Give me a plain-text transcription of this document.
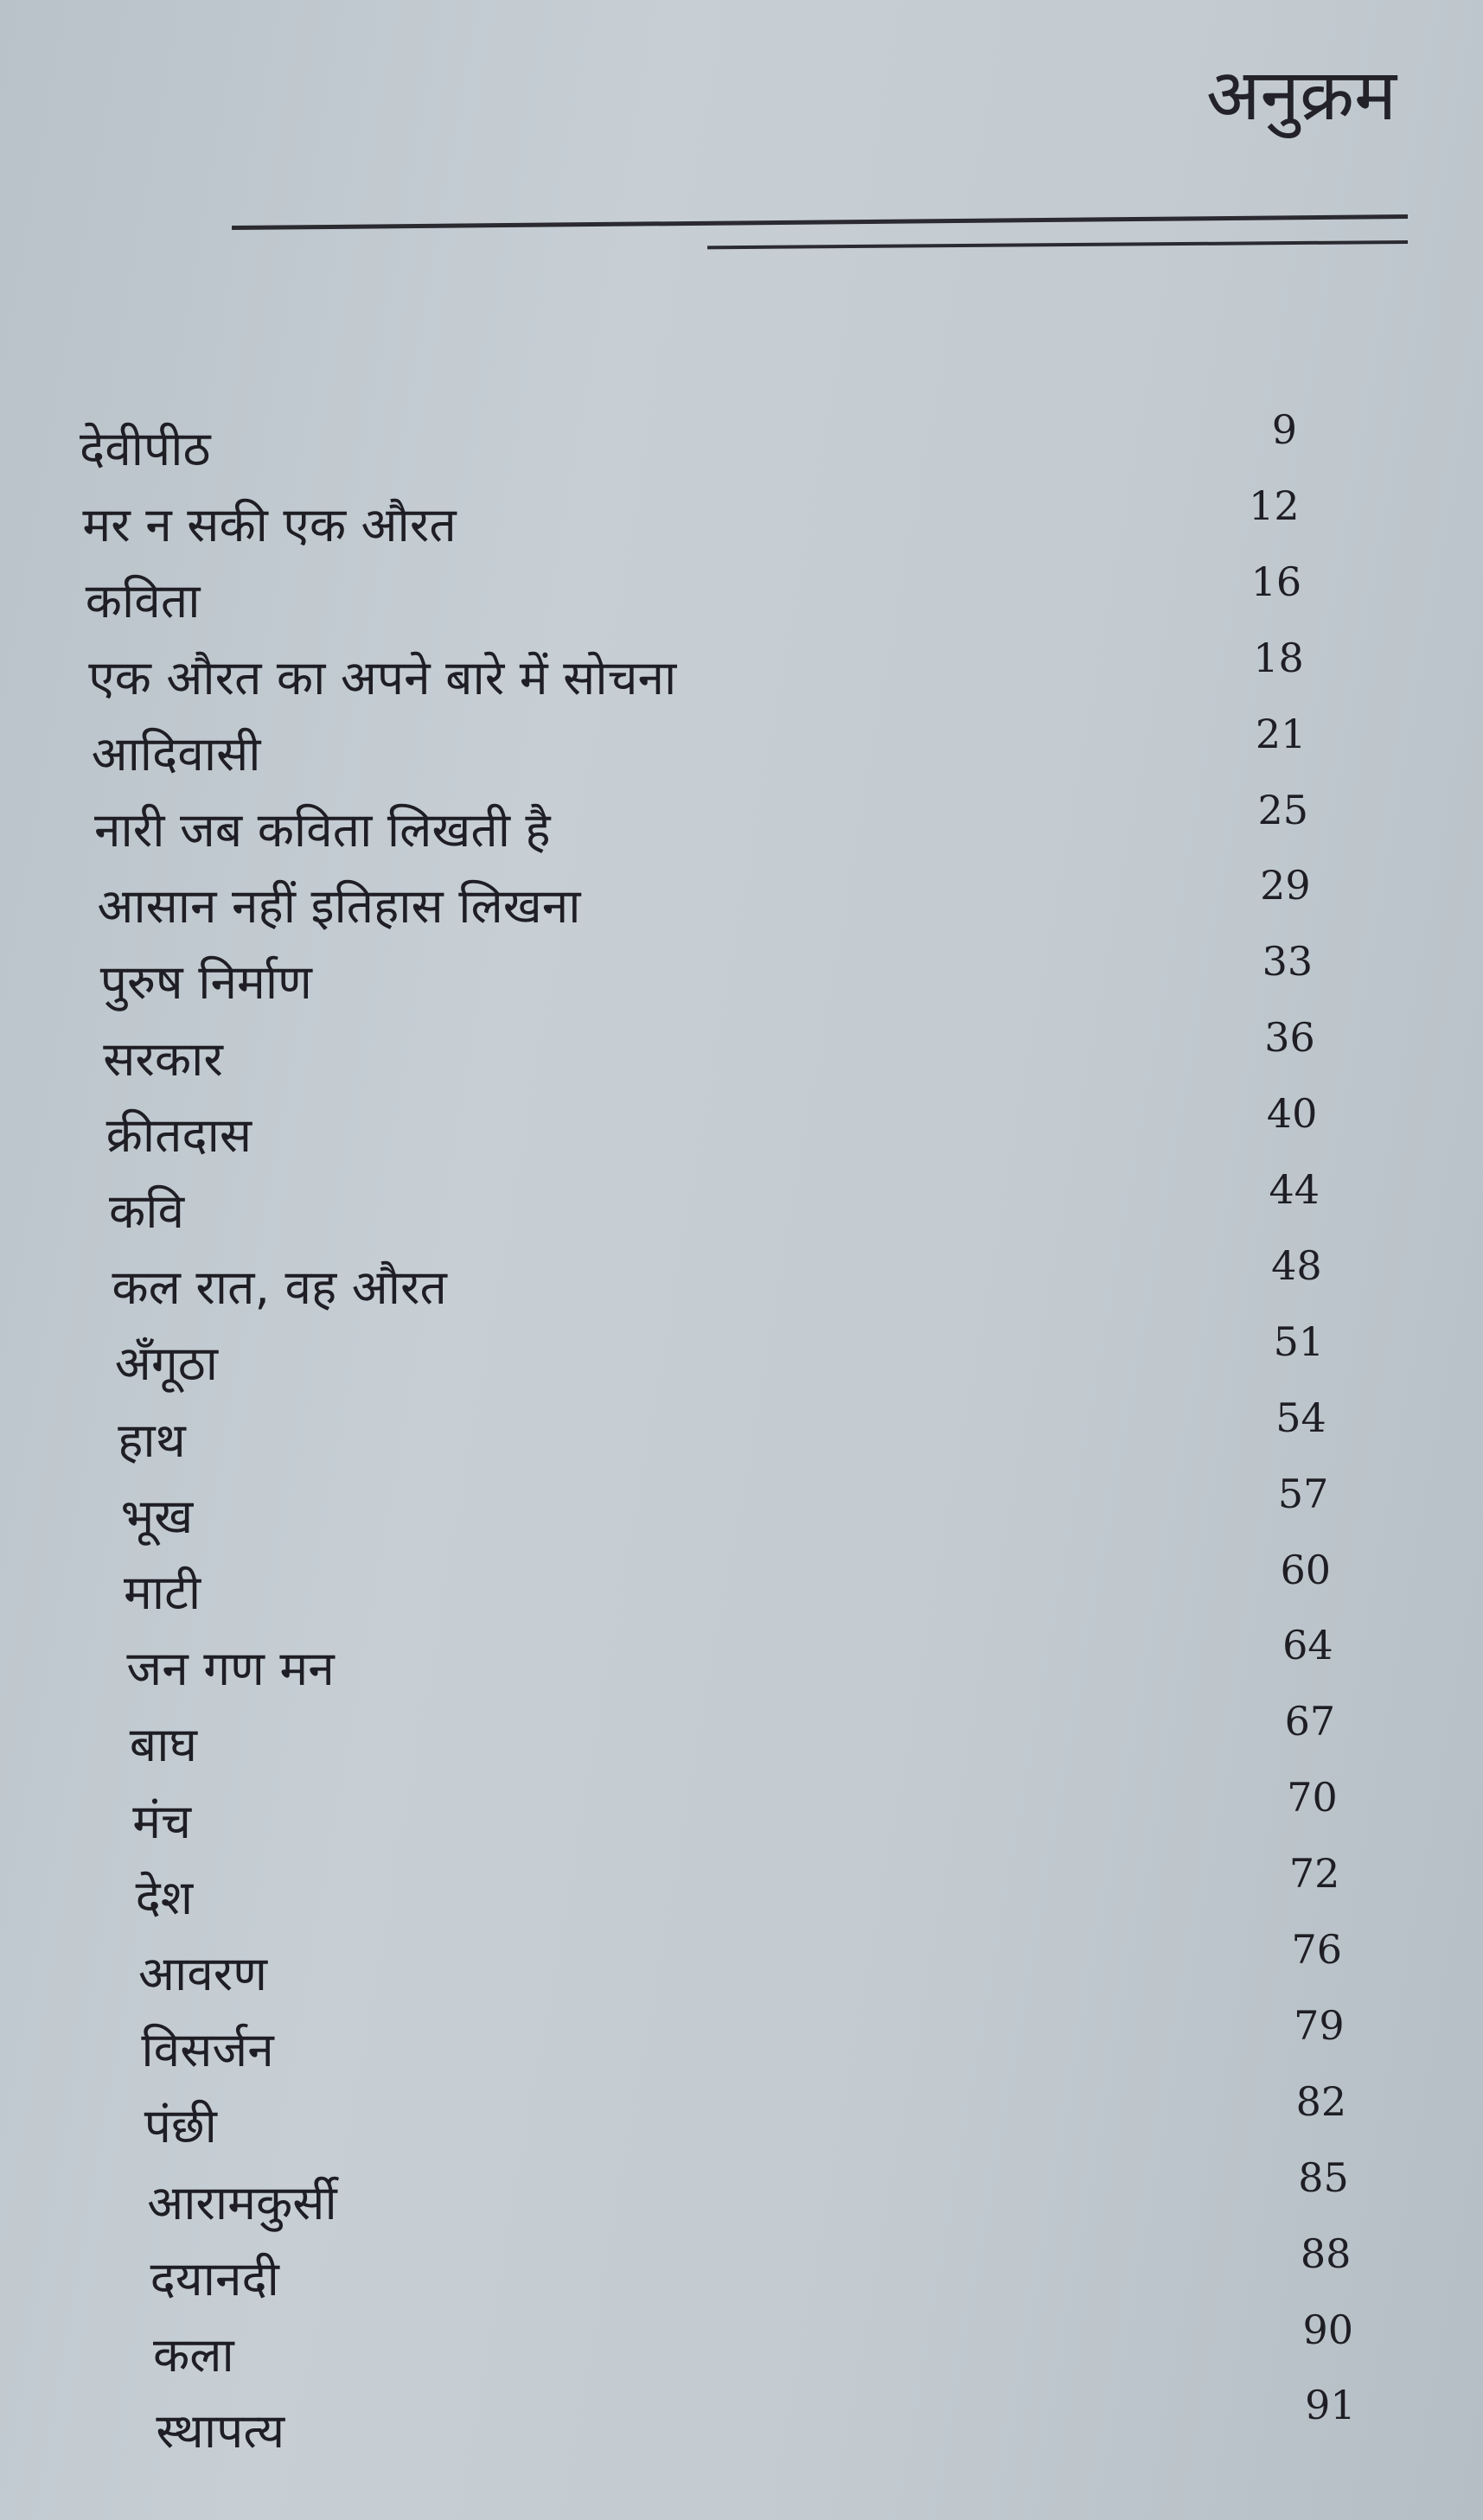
अनुक्रम
देवीपीठ	9
मर न सकी एक औरत	12
कविता	16
एक औरत का अपने बारे में सोचना	18
आदिवासी	21
नारी जब कविता लिखती है	25
आसान नहीं इतिहास लिखना	29
पुरुष निर्माण	33
सरकार	36
क्रीतदास	40
कवि	44
कल रात, वह औरत	48
अँगूठा	51
हाथ	54
भूख	57
माटी	60
जन गण मन	64
बाघ	67
मंच	70
देश	72
आवरण	76
विसर्जन	79
पंछी	82
आरामकुर्सी	85
दयानदी	88
कला	90
स्थापत्य	91
